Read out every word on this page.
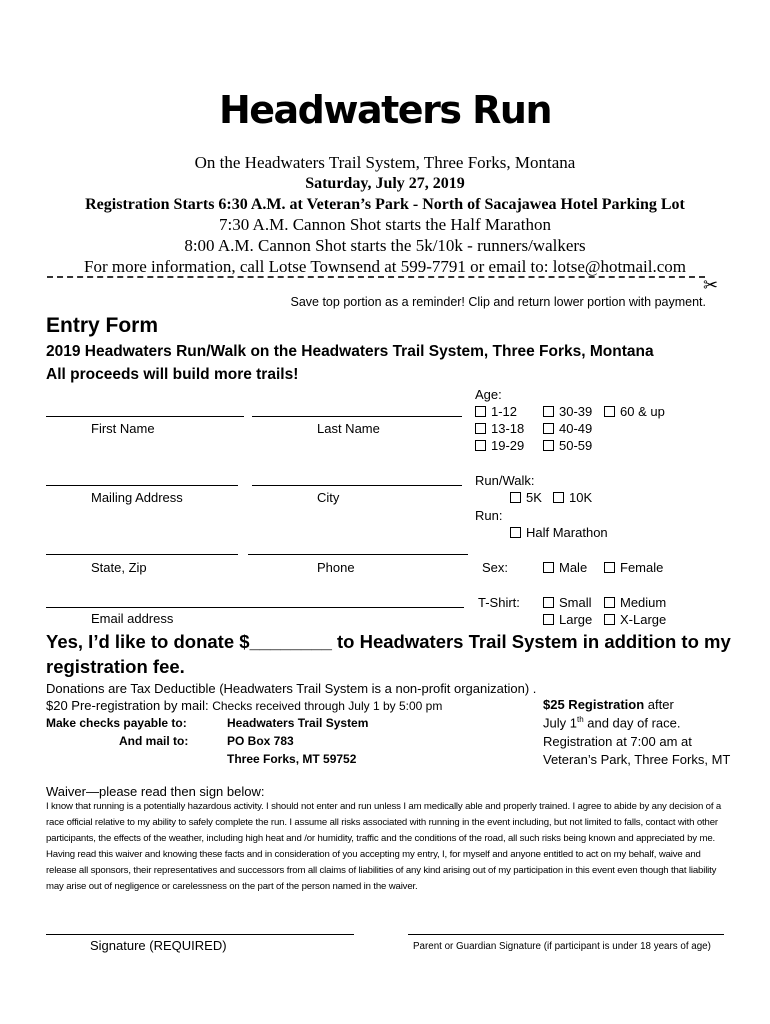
Headwaters Run
On the Headwaters Trail System, Three Forks, Montana
Saturday, July 27, 2019
Registration Starts 6:30 A.M. at Veteran’s Park - North of Sacajawea Hotel Parking Lot
7:30 A.M. Cannon Shot starts the Half Marathon
8:00 A.M. Cannon Shot starts the 5k/10k - runners/walkers
For more information, call Lotse Townsend at 599-7791 or email to: lotse@hotmail.com
✂
Save top portion as a reminder! Clip and return lower portion with payment.
Entry Form
2019 Headwaters Run/Walk on the Headwaters Trail System, Three Forks, Montana
All proceeds will build more trails!
First Name	Last Name
Mailing Address	City
State, Zip	Phone
Email address
Age:
1-12
13-18
19-29
30-39
40-49
50-59
60 & up
Run/Walk:
5K	10K
Run:
Half Marathon
Sex:	Male	Female
T-Shirt:	Small	Medium
Large	X-Large
Yes, I’d like to donate $________ to Headwaters Trail System in addition to my
registration fee.
Donations are Tax Deductible (Headwaters Trail System is a non-profit organization) .
$20 Pre-registration by mail: Checks received through July 1 by 5:00 pm
Make checks payable to:	Headwaters Trail System
And mail to:	PO Box 783
Three Forks, MT 59752
$25 Registration after
July 1th and day of race.
Registration at 7:00 am at
Veteran’s Park, Three Forks, MT
Waiver—please read then sign below:
I know that running is a potentially hazardous activity. I should not enter and run unless I am medically able and properly trained. I agree to abide by any decision of a race official relative to my ability to safely complete the run. I assume all risks associated with running in the event including, but not limited to falls, contact with other participants, the effects of the weather, including high heat and /or humidity, traffic and the conditions of the road, all such risks being known and appreciated by me. Having read this waiver and knowing these facts and in consideration of you accepting my entry, I, for myself and anyone entitled to act on my behalf, waive and release all sponsors, their representatives and successors from all claims of liabilities of any kind arising out of my participation in this event even though that liability may arise out of negligence or carelessness on the part of the person named in the waiver.
Signature (REQUIRED)	Parent or Guardian Signature (if participant is under 18 years of age)
